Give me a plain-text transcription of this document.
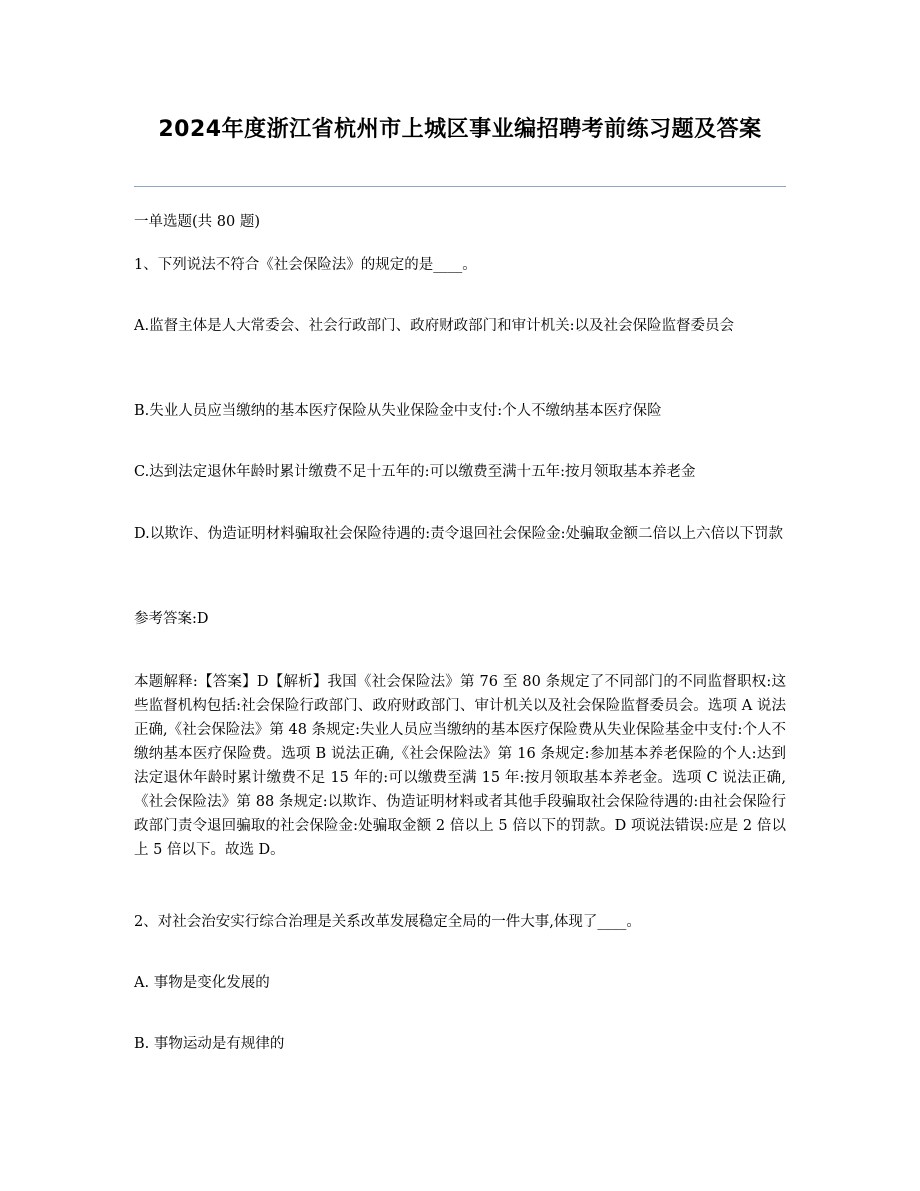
2024年度浙江省杭州市上城区事业编招聘考前练习题及答案

一单选题(共 80 题)

1、下列说法不符合《社会保险法》的规定的是____。

A.监督主体是人大常委会、社会行政部门、政府财政部门和审计机关:以及社会保险监督委员会

B.失业人员应当缴纳的基本医疗保险从失业保险金中支付:个人不缴纳基本医疗保险

C.达到法定退休年龄时累计缴费不足十五年的:可以缴费至满十五年:按月领取基本养老金

D.以欺诈、伪造证明材料骗取社会保险待遇的:责令退回社会保险金:处骗取金额二倍以上六倍以下罚款

参考答案:D

本题解释:【答案】D【解析】我国《社会保险法》第 76 至 80 条规定了不同部门的不同监督职权:这些监督机构包括:社会保险行政部门、政府财政部门、审计机关以及社会保险监督委员会。选项 A 说法正确,《社会保险法》第 48 条规定:失业人员应当缴纳的基本医疗保险费从失业保险基金中支付:个人不缴纳基本医疗保险费。选项 B 说法正确,《社会保险法》第 16 条规定:参加基本养老保险的个人:达到法定退休年龄时累计缴费不足 15 年的:可以缴费至满 15 年:按月领取基本养老金。选项 C 说法正确,《社会保险法》第 88 条规定:以欺诈、伪造证明材料或者其他手段骗取社会保险待遇的:由社会保险行政部门责令退回骗取的社会保险金:处骗取金额 2 倍以上 5 倍以下的罚款。D 项说法错误:应是 2 倍以上 5 倍以下。故选 D。

2、对社会治安实行综合治理是关系改革发展稳定全局的一件大事,体现了____。

A. 事物是变化发展的

B. 事物运动是有规律的
